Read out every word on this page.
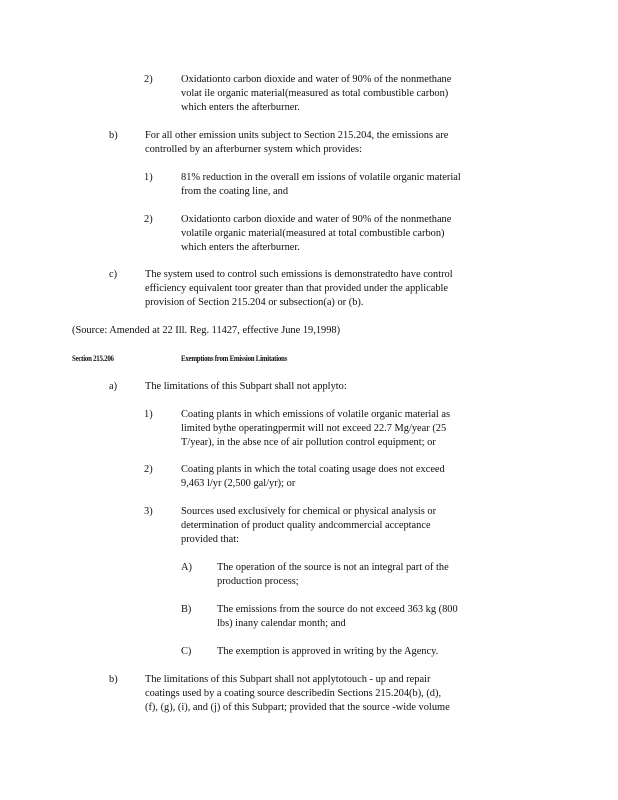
2)	Oxidationto carbon dioxide and water of 90% of the nonmethane
volat ile organic material(measured as total combustible carbon)
which enters the afterburner.
b)	For all other emission units subject to Section 215.204, the emissions are
controlled by an afterburner system which provides:
1)	81% reduction in the overall em issions of volatile organic material
from the coating line, and
2)	Oxidationto carbon dioxide and water of 90% of the nonmethane
volatile organic material(measured at total combustible carbon)
which enters the afterburner.
c)	The system used to control such emissions is demonstratedto have control
efficiency equivalent toor greater than that provided under the applicable
provision of Section 215.204 or subsection(a) or (b).
(Source: Amended at 22 Ill. Reg. 11427, effective June 19,1998)
Section 215.206	Exemptions from Emission Limitations
a)	The limitations of this Subpart shall not applyto:
1)	Coating plants in which emissions of volatile organic material as
limited bythe operatingpermit will not exceed 22.7 Mg/year (25
T/year), in the abse nce of air pollution control equipment; or
2)	Coating plants in which the total coating usage does not exceed
9,463 l/yr (2,500 gal/yr); or
3)	Sources used exclusively for chemical or physical analysis or
determination of product quality andcommercial acceptance
provided that:
A) The operation of the source is not an integral part of the
production process;
B) The emissions from the source do not exceed 363 kg (800
lbs) inany calendar month; and
C) The exemption is approved in writing by the Agency.
b)	The limitations of this Subpart shall not applytotouch - up and repair
coatings used by a coating source describedin Sections 215.204(b), (d),
(f), (g), (i), and (j) of this Subpart; provided that the source -wide volume
